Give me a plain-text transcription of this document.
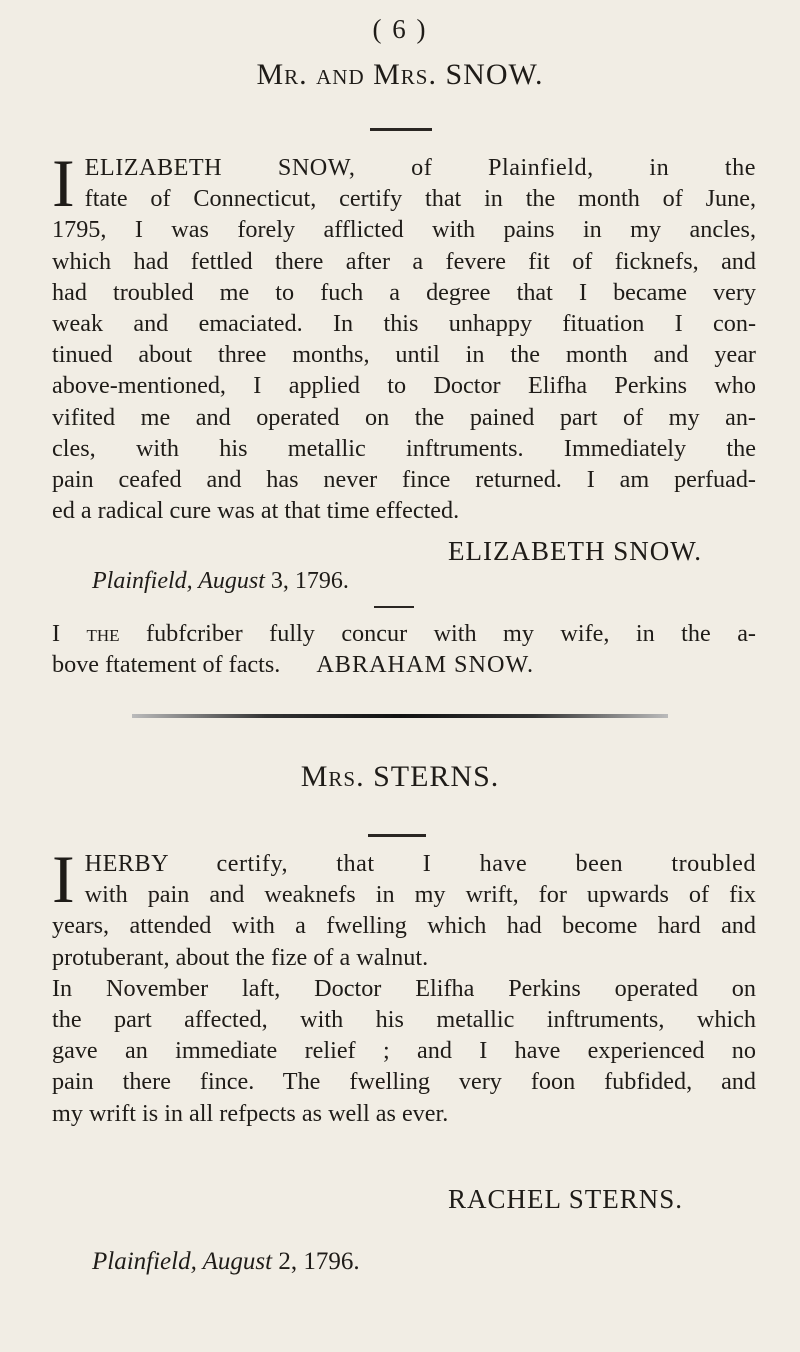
( 6 )
Mr. and Mrs. SNOW.
I ELIZABETH SNOW, of Plainfield, in the
ftate of Connecticut, certify that in the month of June,
1795, I was forely afflicted with pains in my ancles,
which had fettled there after a fevere fit of ficknefs, and
had troubled me to fuch a degree that I became very
weak and emaciated. In this unhappy fituation I con-
tinued about three months, until in the month and year
above-mentioned, I applied to Doctor Elifha Perkins who
vifited me and operated on the pained part of my an-
cles, with his metallic inftruments. Immediately the
pain ceafed and has never fince returned. I am perfuad-
ed a radical cure was at that time effected.
ELIZABETH SNOW.
Plainfield, August 3, 1796.
I the fubfcriber fully concur with my wife, in the a-
bove ftatement of facts. ABRAHAM SNOW.
Mrs. STERNS.
I HERBY certify, that I have been troubled
with pain and weaknefs in my wrift, for upwards of fix
years, attended with a fwelling which had become hard and
protuberant, about the fize of a walnut.
In November laft, Doctor Elifha Perkins operated on
the part affected, with his metallic inftruments, which
gave an immediate relief ; and I have experienced no
pain there fince. The fwelling very foon fubfided, and
my wrift is in all refpects as well as ever.
RACHEL STERNS.
Plainfield, August 2, 1796.
